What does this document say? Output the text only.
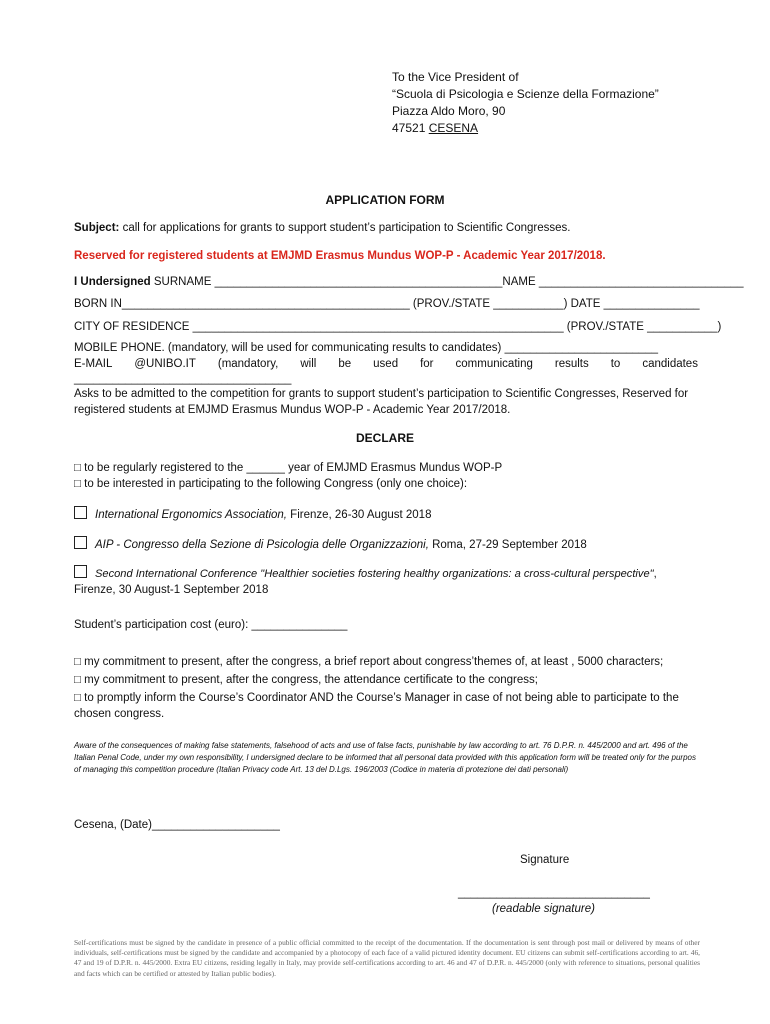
To the Vice President of
“Scuola di Psicologia e Scienze della Formazione”
Piazza Aldo Moro, 90
47521 CESENA
APPLICATION FORM
Subject: call for applications for grants to support student’s participation to Scientific Congresses.
Reserved for registered students at EMJMD Erasmus Mundus WOP-P - Academic Year 2017/2018.
I Undersigned SURNAME _____________________________________________NAME ________________________________
BORN IN_____________________________________________ (PROV./STATE ___________) DATE _______________
CITY OF RESIDENCE __________________________________________________________ (PROV./STATE ___________)
MOBILE PHONE. (mandatory, will be used for communicating results to candidates) ________________________
E-MAIL @UNIBO.IT (mandatory, will be used for communicating results to candidates
__________________________________
Asks to be admitted to the competition for grants to support student’s participation to Scientific Congresses, Reserved for registered students at EMJMD Erasmus Mundus WOP-P - Academic Year 2017/2018.
DECLARE
□ to be regularly registered to the ______ year of EMJMD Erasmus Mundus WOP-P
□ to be interested in participating to the following Congress (only one choice):
International Ergonomics Association, Firenze, 26-30 August 2018
AIP - Congresso della Sezione di Psicologia delle Organizzazioni, Roma, 27-29 September 2018
Second International Conference "Healthier societies fostering healthy organizations: a cross-cultural perspective",
Firenze, 30 August-1 September 2018
Student’s participation cost (euro): _______________
□ my commitment to present, after the congress, a brief report about congress’themes of, at least , 5000 characters;
□ my commitment to present, after the congress, the attendance certificate to the congress;
□ to promptly inform the Course’s Coordinator AND the Course’s Manager in case of not being able to participate to the chosen congress.
Aware of the consequences of making false statements, falsehood of acts and use of false facts, punishable by law according to art. 76 D.P.R. n. 445/2000 and art. 496 of the Italian Penal Code, under my own responsibility, I undersigned declare to be informed that all personal data provided with this application form will be treated only for the purpos of managing this competition procedure (Italian Privacy code Art. 13 del D.Lgs. 196/2003 (Codice in materia di protezione dei dati personali)
Cesena, (Date)____________________
Signature
______________________________
(readable signature)
Self-certifications must be signed by the candidate in presence of a public official committed to the receipt of the documentation. If the documentation is sent through post mail or delivered by means of other individuals, self-certifications must be signed by the candidate and accompanied by a photocopy of each face of a valid pictured identity document. EU citizens can submit self-certifications according to art. 46, 47 and 19 of D.P.R. n. 445/2000. Extra EU citizens, residing legally in Italy, may provide self-certifications according to art. 46 and 47 of D.P.R. n. 445/2000 (only with reference to situations, personal qualities and facts which can be certified or attested by Italian public bodies).
